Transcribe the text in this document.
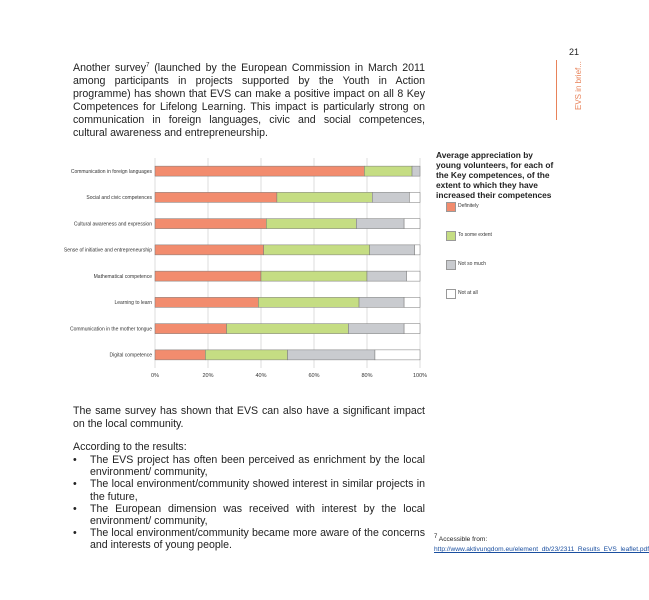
21
EVS in brief...

Another survey$^7$ (launched by the European Commission in March 2011 among participants in projects supported by the Youth in Action programme) has shown that EVS can make a positive impact on all 8 Key Competences for Lifelong Learning. This impact is particularly strong on communication in foreign languages, civic and social competences, cultural awareness and entrepreneurship.

0%	20%	40%	60%	80%	100%
Communication in foreign languages
Social and civic competences
Cultural awareness and expression
Sense of initiative and entrepreneurship
Mathematical competence
Learning to learn
Communication in the mother tongue
Digital competence
Average appreciation by young volunteers, for each of the Key competences, of the extent to which they have increased their competences
Definitely
To some extent
Not so much
Not at all

The same survey has shown that EVS can also have a significant impact on the local community.

According to the results:

• The EVS project has often been perceived as enrichment by the local environment/ community,
• The local environment/community showed interest in similar projects in the future,
• The European dimension was received with interest by the local environment/ community,
• The local environment/community became more aware of the concerns and interests of young people.
$^7$ Accessible from: http://www.aktivungdom.eu/element_db/23/2311_Results_EVS_leaflet.pdf
